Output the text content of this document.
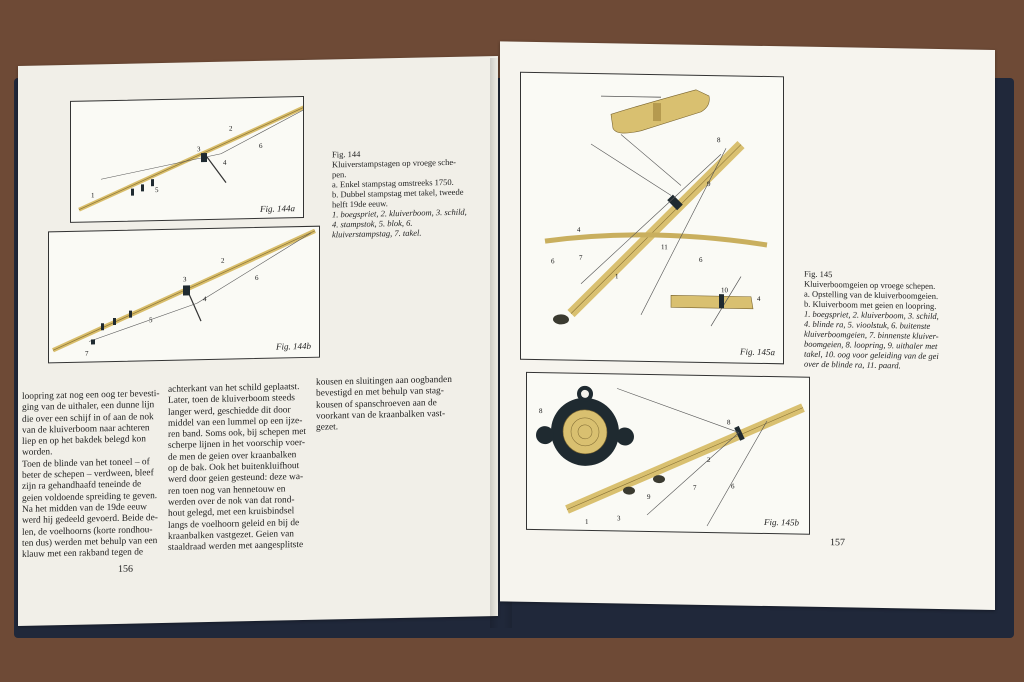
1
2
3
4
5
6
Fig. 144a
3
2
4
5
6
7
Fig. 144b
Fig. 144
Kluiverstampstagen op vroege sche-
pen.
a. Enkel stampstag omstreeks 1750.
b. Dubbel stampstag met takel, tweede
helft 19de eeuw.
1. boegspriet, 2. kluiverboom, 3. schild,
4. stampstok, 5. blok, 6. kluiverstampstag, 7. takel.
loopring zat nog een oog ter bevesti-
ging van de uithaler, een dunne lijn
die over een schijf in of aan de nok
van de kluiverboom naar achteren
liep en op het bakdek belegd kon
worden.
Toen de blinde van het toneel – of
beter de schepen – verdween, bleef
zijn ra gehandhaafd teneinde de
geien voldoende spreiding te geven.
Na het midden van de 19de eeuw
werd hij gedeeld gevoerd. Beide de-
len, de voelhoorns (korte rondhou-
ten dus) werden met behulp van een
klauw met een rakband tegen de
achterkant van het schild geplaatst.
Later, toen de kluiverboom steeds
langer werd, geschiedde dit door
middel van een lummel op een ijze-
ren band. Soms ook, bij schepen met
scherpe lijnen in het voorschip voer-
de men de geien over kraanbalken
op de bak. Ook het buitenkluifhout
werd door geien gesteund: deze wa-
ren toen nog van hennetouw en
werden over de nok van dat rond-
hout gelegd, met een kruisbindsel
langs de voelhoorn geleid en bij de
kraanbalken vastgezet. Geien van
staaldraad werden met aangesplitste
kousen en sluitingen aan oogbanden
bevestigd en met behulp van stag-
kousen of spanschroeven aan de
voorkant van de kraanbalken vast-
gezet.
156
4
6	7
11
1
9
8
6
10
4
Fig. 145a
8
8
2
9
7	6
1	3	Fig. 145b
Fig. 145
Kluiverboomgeien op vroege schepen.
a. Opstelling van de kluiverboomgeien.
b. Kluiverboom met geien en loopring.
1. boegspriet, 2. kluiverboom, 3. schild,
4. blinde ra, 5. vioolstuk, 6. buitenste
kluiverboomgeien, 7. binnenste kluiver-
boomgeien, 8. loopring, 9. uithaler met
takel, 10. oog voor geleiding van de gei
over de blinde ra, 11. paard.
157
